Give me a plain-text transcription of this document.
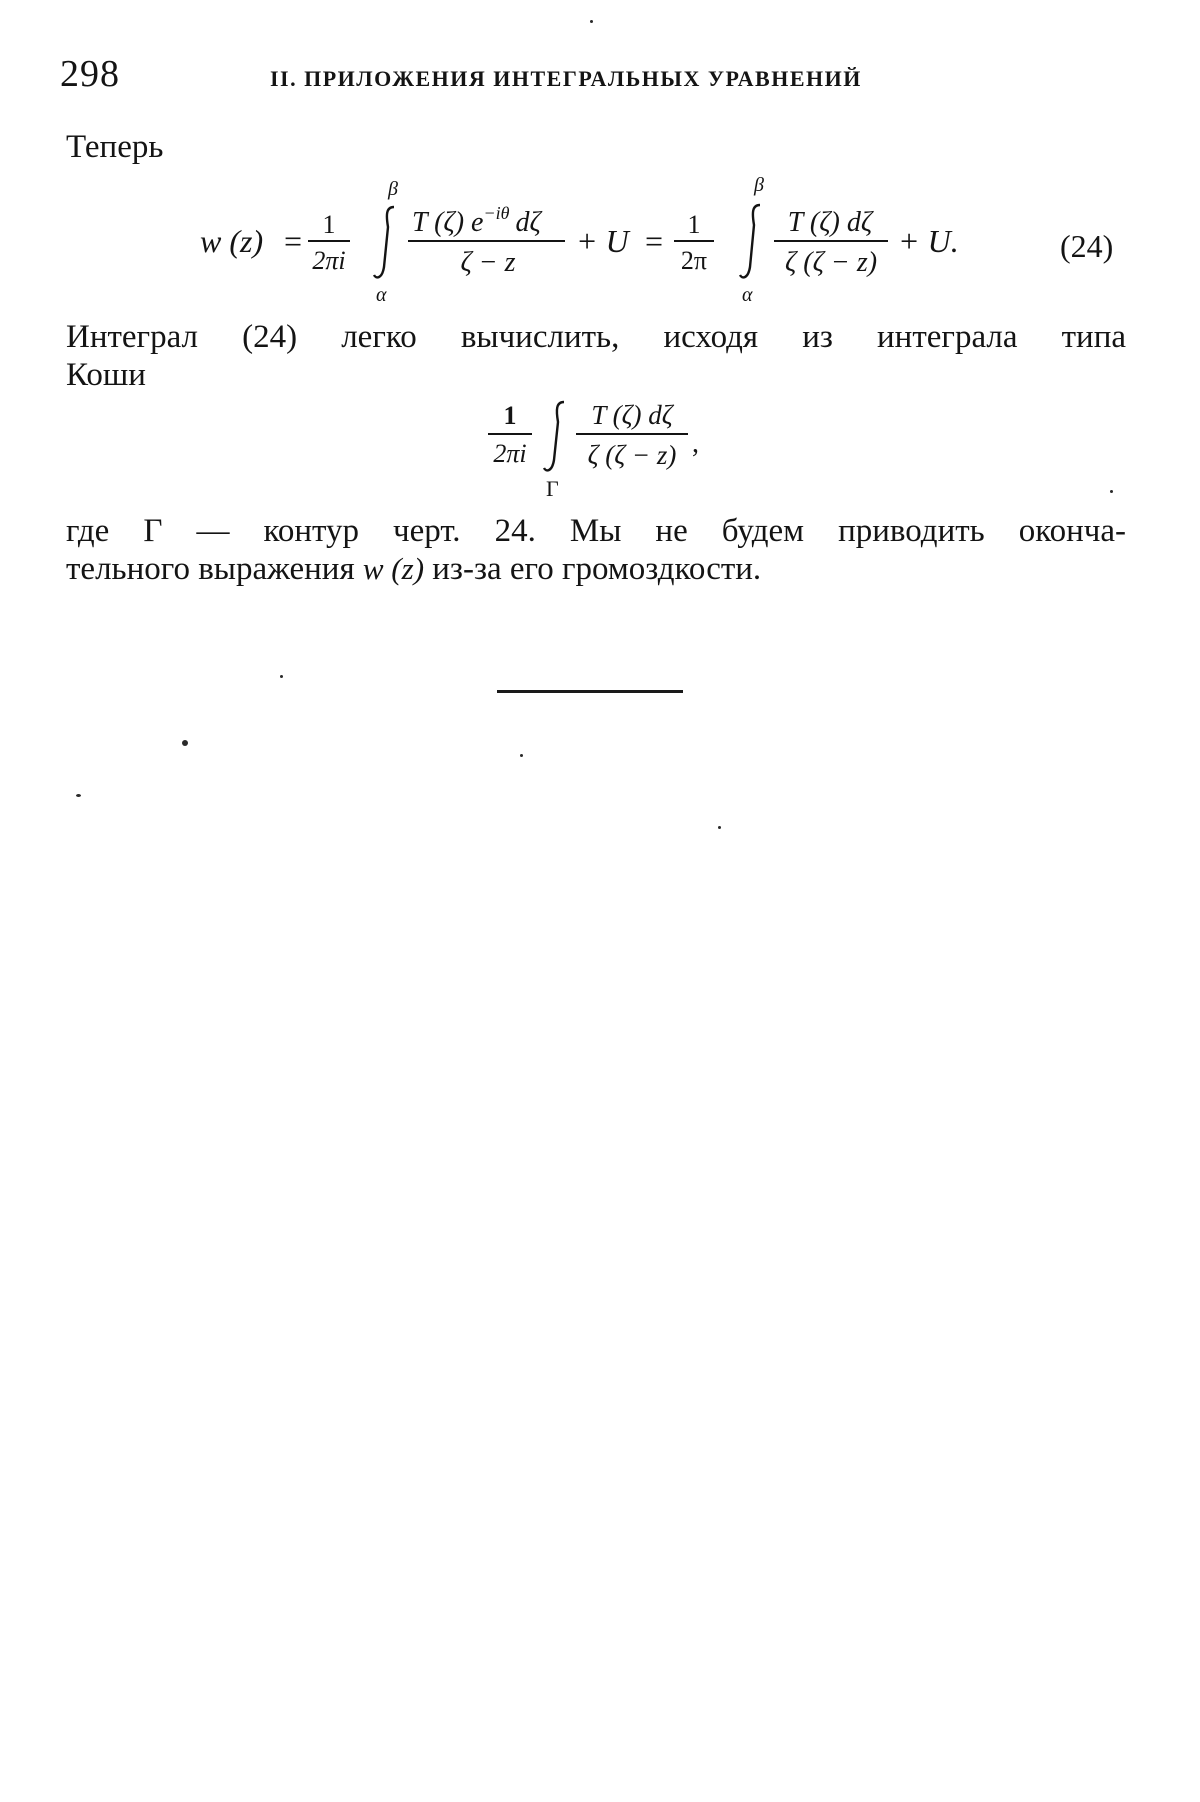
298	II. ПРИЛОЖЕНИЯ ИНТЕГРАЛЬНЫХ УРАВНЕНИЙ
Теперь
w (z) = 1
2πi
β
α
T (ζ) $e^{-i\theta}$ dζ
ζ − z
+ U = 1
2π
β
α
T (ζ) dζ
ζ (ζ − z)
+ U.	(24)
Интеграл (24) легко вычислить, исходя из интеграла типа
Коши
1
2πi
Γ
T (ζ) dζ
ζ (ζ − z) ,
где Γ — контур черт. 24. Мы не будем приводить оконча-
тельного выражения w (z) из-за его громоздкости.
